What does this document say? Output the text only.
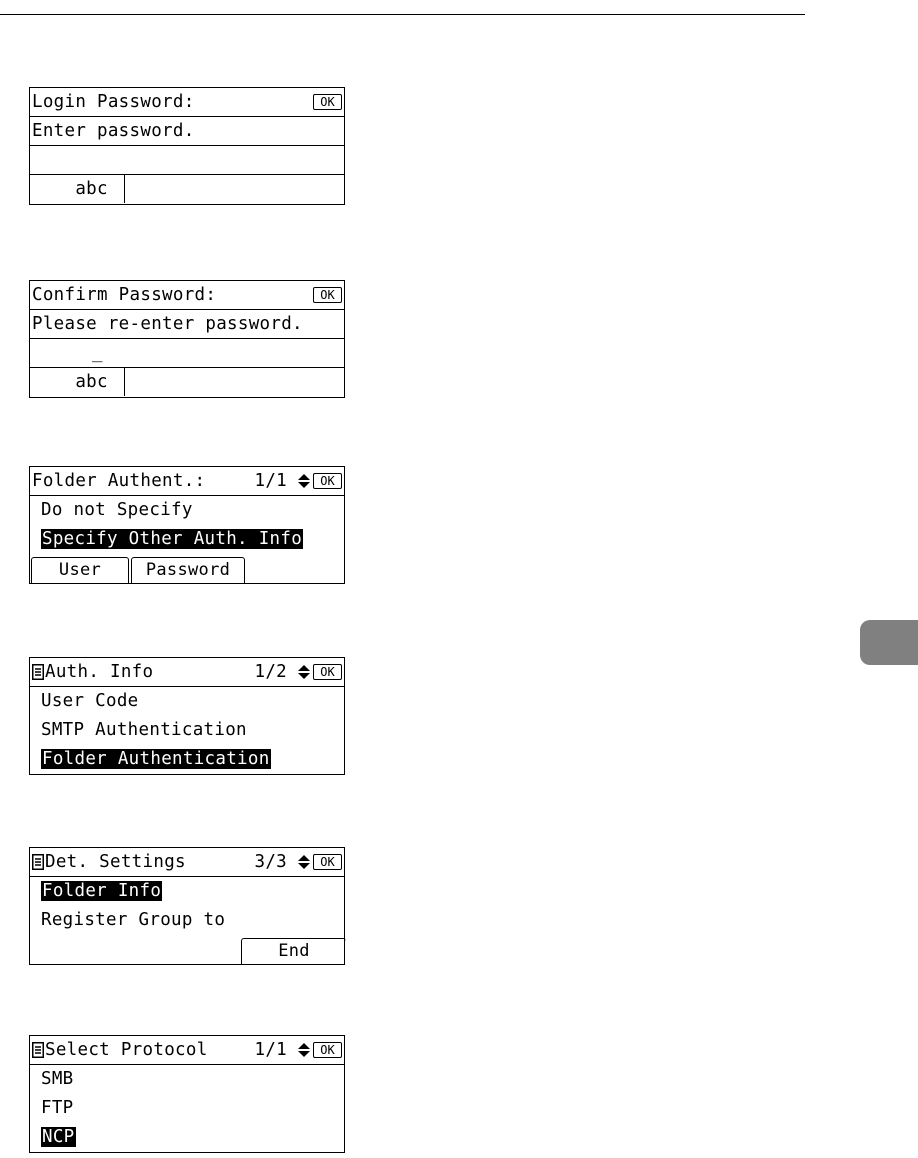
Login Password:	OK
Enter password.

abc

Confirm Password:	OK
Please re-enter password.

abc

_

Folder Authent.:	1/1	OK
Do not Specify
Specify Other Auth. Info

User

	Password

Auth. Info	1/2	OK
User Code
SMTP Authentication
Folder Authentication
Det. Settings	3/3	OK
Folder Info
Register Group to

End

Select Protocol	1/1	OK
SMB
FTP
NCP
